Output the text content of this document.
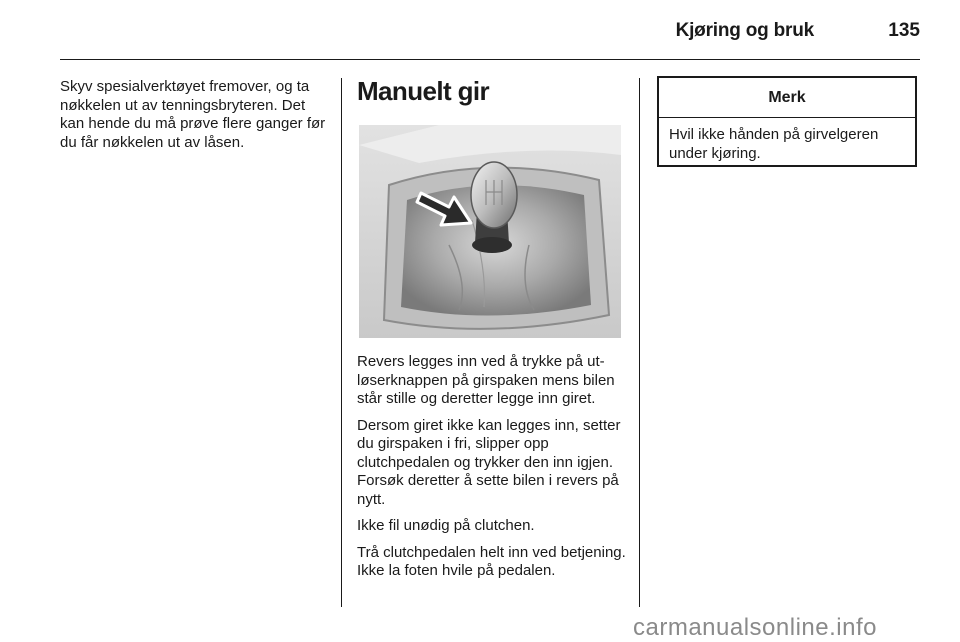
Kjøring og bruk	135

Skyv spesialverktøyet fremover, og ta nøkkelen ut av tenningsbryteren. Det kan hende du må prøve flere ganger før du får nøkkelen ut av låsen.

Manuelt gir

Revers legges inn ved å trykke på utløserknappen på girspaken mens bilen står stille og deretter legge inn giret.

Dersom giret ikke kan legges inn, setter du girspaken i fri, slipper opp clutchpedalen og trykker den inn igjen. Forsøk deretter å sette bilen i revers på nytt.

Ikke fil unødig på clutchen.

Trå clutchpedalen helt inn ved betjening. Ikke la foten hvile på pedalen.

Merk
Hvil ikke hånden på girvelgeren under kjøring.
carmanualsonline.info
